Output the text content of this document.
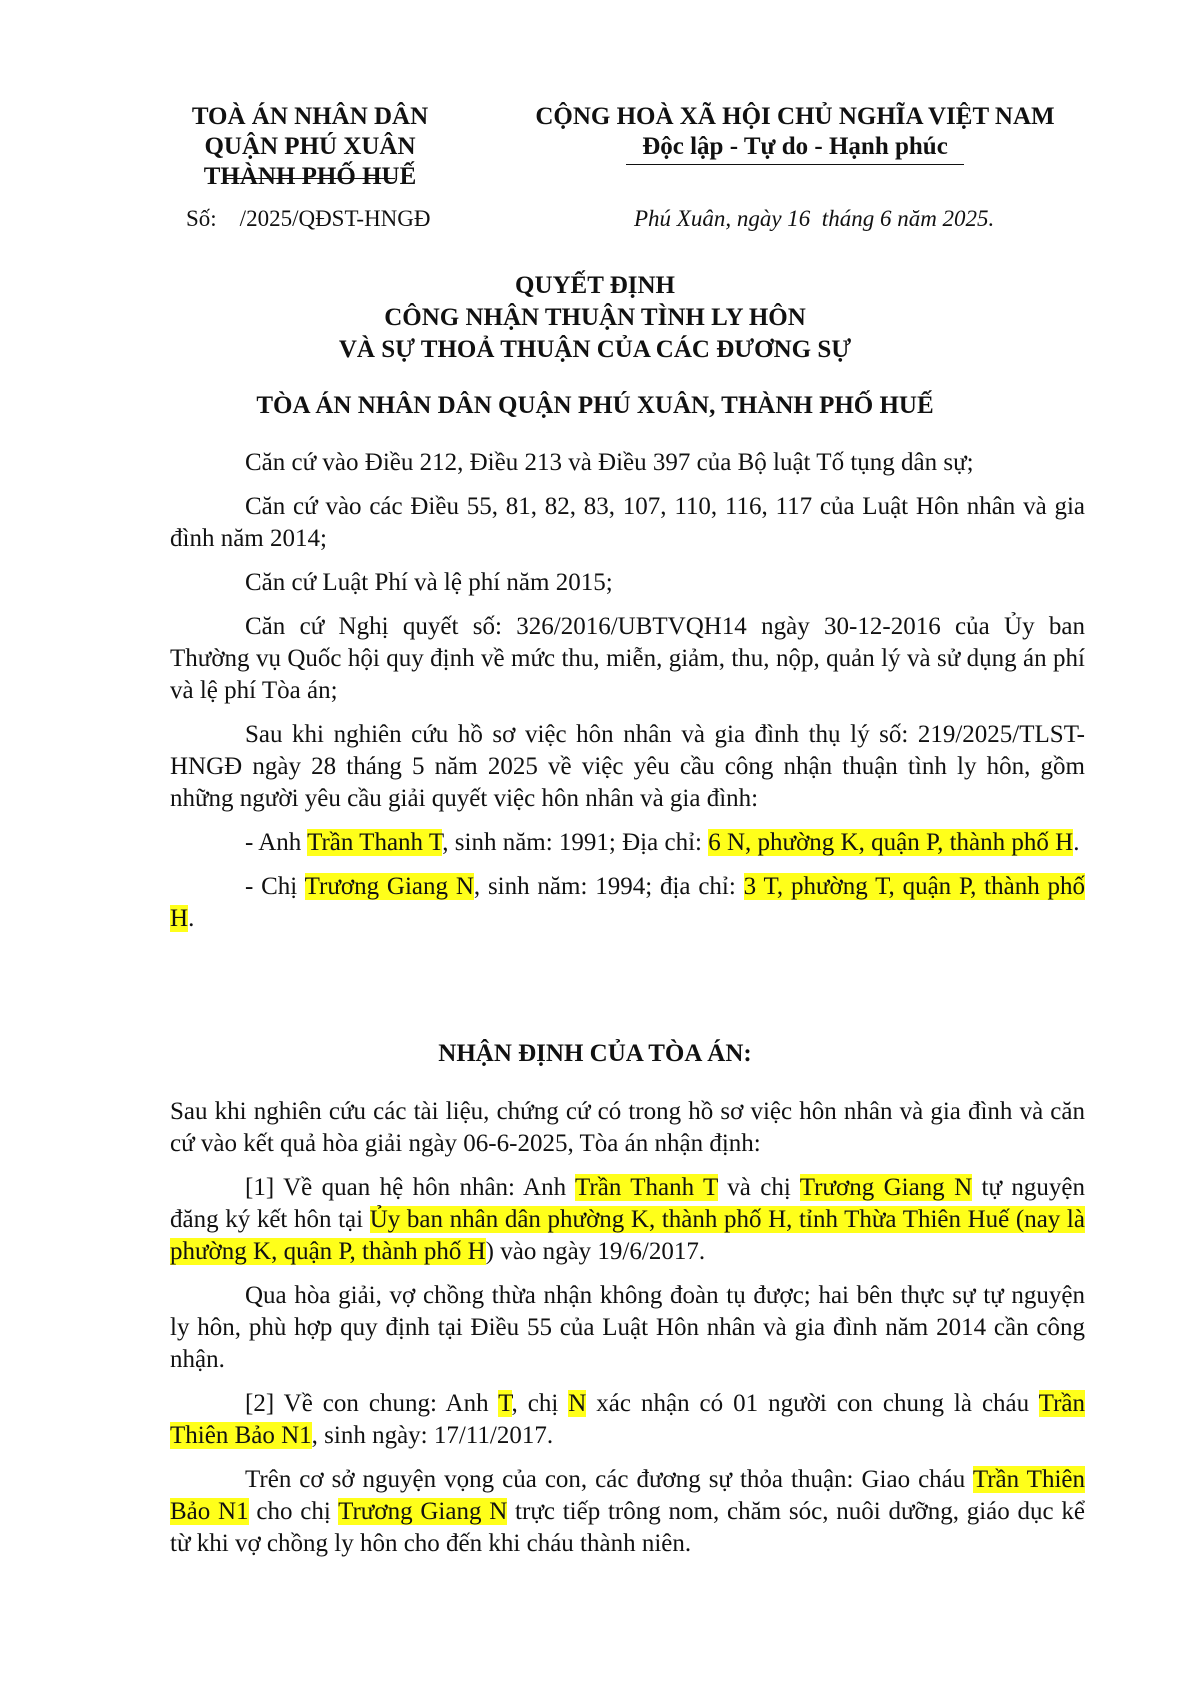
TOÀ ÁN NHÂN DÂN
QUẬN PHÚ XUÂN
THÀNH PHỐ HUẾ
CỘNG HOÀ XÃ HỘI CHỦ NGHĨA VIỆT NAM
Độc lập - Tự do - Hạnh phúc
Số:    /2025/QĐST-HNGĐ	Phú Xuân, ngày 16  tháng 6 năm 2025.
QUYẾT ĐỊNH
CÔNG NHẬN THUẬN TÌNH LY HÔN
VÀ SỰ THOẢ THUẬN CỦA CÁC ĐƯƠNG SỰ
TÒA ÁN NHÂN DÂN QUẬN PHÚ XUÂN, THÀNH PHỐ HUẾ

Căn cứ vào Điều 212, Điều 213 và Điều 397 của Bộ luật Tố tụng dân sự;

Căn cứ vào các Điều 55, 81, 82, 83, 107, 110, 116, 117 của Luật Hôn nhân và gia đình năm 2014;

Căn cứ Luật Phí và lệ phí năm 2015;

Căn cứ Nghị quyết số: 326/2016/UBTVQH14 ngày 30-12-2016 của Ủy ban Thường vụ Quốc hội quy định về mức thu, miễn, giảm, thu, nộp, quản lý và sử dụng án phí và lệ phí Tòa án;

Sau khi nghiên cứu hồ sơ việc hôn nhân và gia đình thụ lý số: 219/2025/TLST-HNGĐ ngày 28 tháng 5 năm 2025 về việc yêu cầu công nhận thuận tình ly hôn, gồm những người yêu cầu giải quyết việc hôn nhân và gia đình:

- Anh Trần Thanh T, sinh năm: 1991; Địa chỉ: 6 N, phường K, quận P, thành phố H.

- Chị Trương Giang N, sinh năm: 1994; địa chỉ: 3 T, phường T, quận P, thành phố H.

NHẬN ĐỊNH CỦA TÒA ÁN:

Sau khi nghiên cứu các tài liệu, chứng cứ có trong hồ sơ việc hôn nhân và gia đình và căn cứ vào kết quả hòa giải ngày 06-6-2025, Tòa án nhận định:

[1] Về quan hệ hôn nhân: Anh Trần Thanh T và chị Trương Giang N tự nguyện đăng ký kết hôn tại Ủy ban nhân dân phường K, thành phố H, tỉnh Thừa Thiên Huế (nay là phường K, quận P, thành phố H) vào ngày 19/6/2017.

Qua hòa giải, vợ chồng thừa nhận không đoàn tụ được; hai bên thực sự tự nguyện ly hôn, phù hợp quy định tại Điều 55 của Luật Hôn nhân và gia đình năm 2014 cần công nhận.

[2] Về con chung: Anh T, chị N xác nhận có 01 người con chung là cháu Trần Thiên Bảo N1, sinh ngày: 17/11/2017.

Trên cơ sở nguyện vọng của con, các đương sự thỏa thuận: Giao cháu Trần Thiên Bảo N1 cho chị Trương Giang N trực tiếp trông nom, chăm sóc, nuôi dưỡng, giáo dục kể từ khi vợ chồng ly hôn cho đến khi cháu thành niên.
